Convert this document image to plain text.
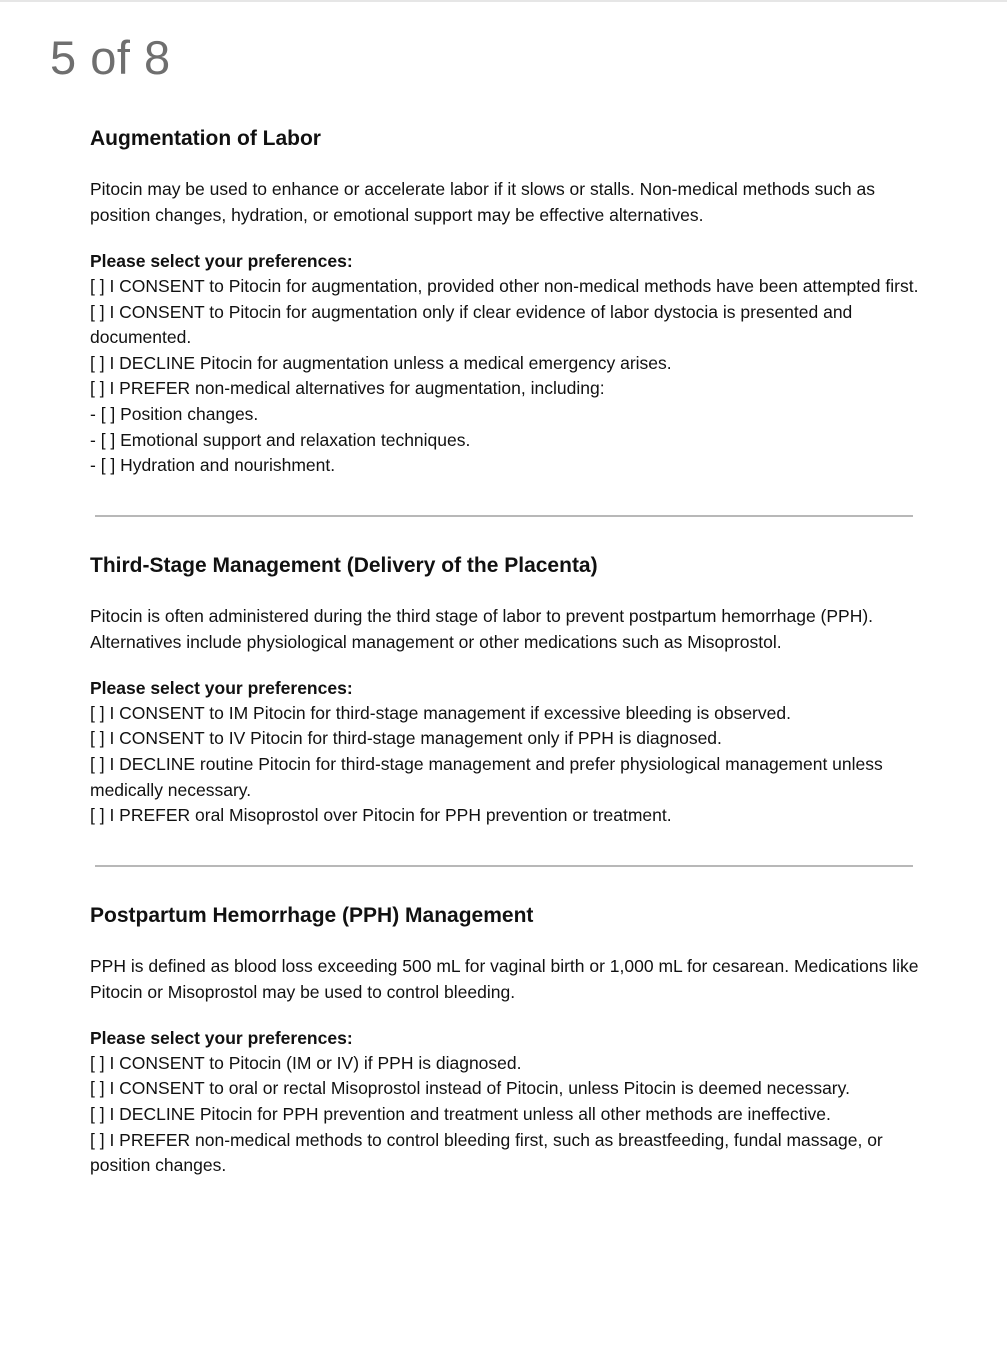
5 of 8
Augmentation of Labor

Pitocin may be used to enhance or accelerate labor if it slows or stalls. Non-medical methods such as position changes, hydration, or emotional support may be effective alternatives.

Please select your preferences:
[ ] I CONSENT to Pitocin for augmentation, provided other non-medical methods have been attempted first.
[ ] I CONSENT to Pitocin for augmentation only if clear evidence of labor dystocia is presented and documented.
[ ] I DECLINE Pitocin for augmentation unless a medical emergency arises.
[ ] I PREFER non-medical alternatives for augmentation, including:
- [ ] Position changes.
- [ ] Emotional support and relaxation techniques.
- [ ] Hydration and nourishment.
Third-Stage Management (Delivery of the Placenta)

Pitocin is often administered during the third stage of labor to prevent postpartum hemorrhage (PPH). Alternatives include physiological management or other medications such as Misoprostol.

Please select your preferences:
[ ] I CONSENT to IM Pitocin for third-stage management if excessive bleeding is observed.
[ ] I CONSENT to IV Pitocin for third-stage management only if PPH is diagnosed.
[ ] I DECLINE routine Pitocin for third-stage management and prefer physiological management unless medically necessary.
[ ] I PREFER oral Misoprostol over Pitocin for PPH prevention or treatment.
Postpartum Hemorrhage (PPH) Management

PPH is defined as blood loss exceeding 500 mL for vaginal birth or 1,000 mL for cesarean. Medications like Pitocin or Misoprostol may be used to control bleeding.

Please select your preferences:
[ ] I CONSENT to Pitocin (IM or IV) if PPH is diagnosed.
[ ] I CONSENT to oral or rectal Misoprostol instead of Pitocin, unless Pitocin is deemed necessary.
[ ] I DECLINE Pitocin for PPH prevention and treatment unless all other methods are ineffective.
[ ] I PREFER non-medical methods to control bleeding first, such as breastfeeding, fundal massage, or position changes.
